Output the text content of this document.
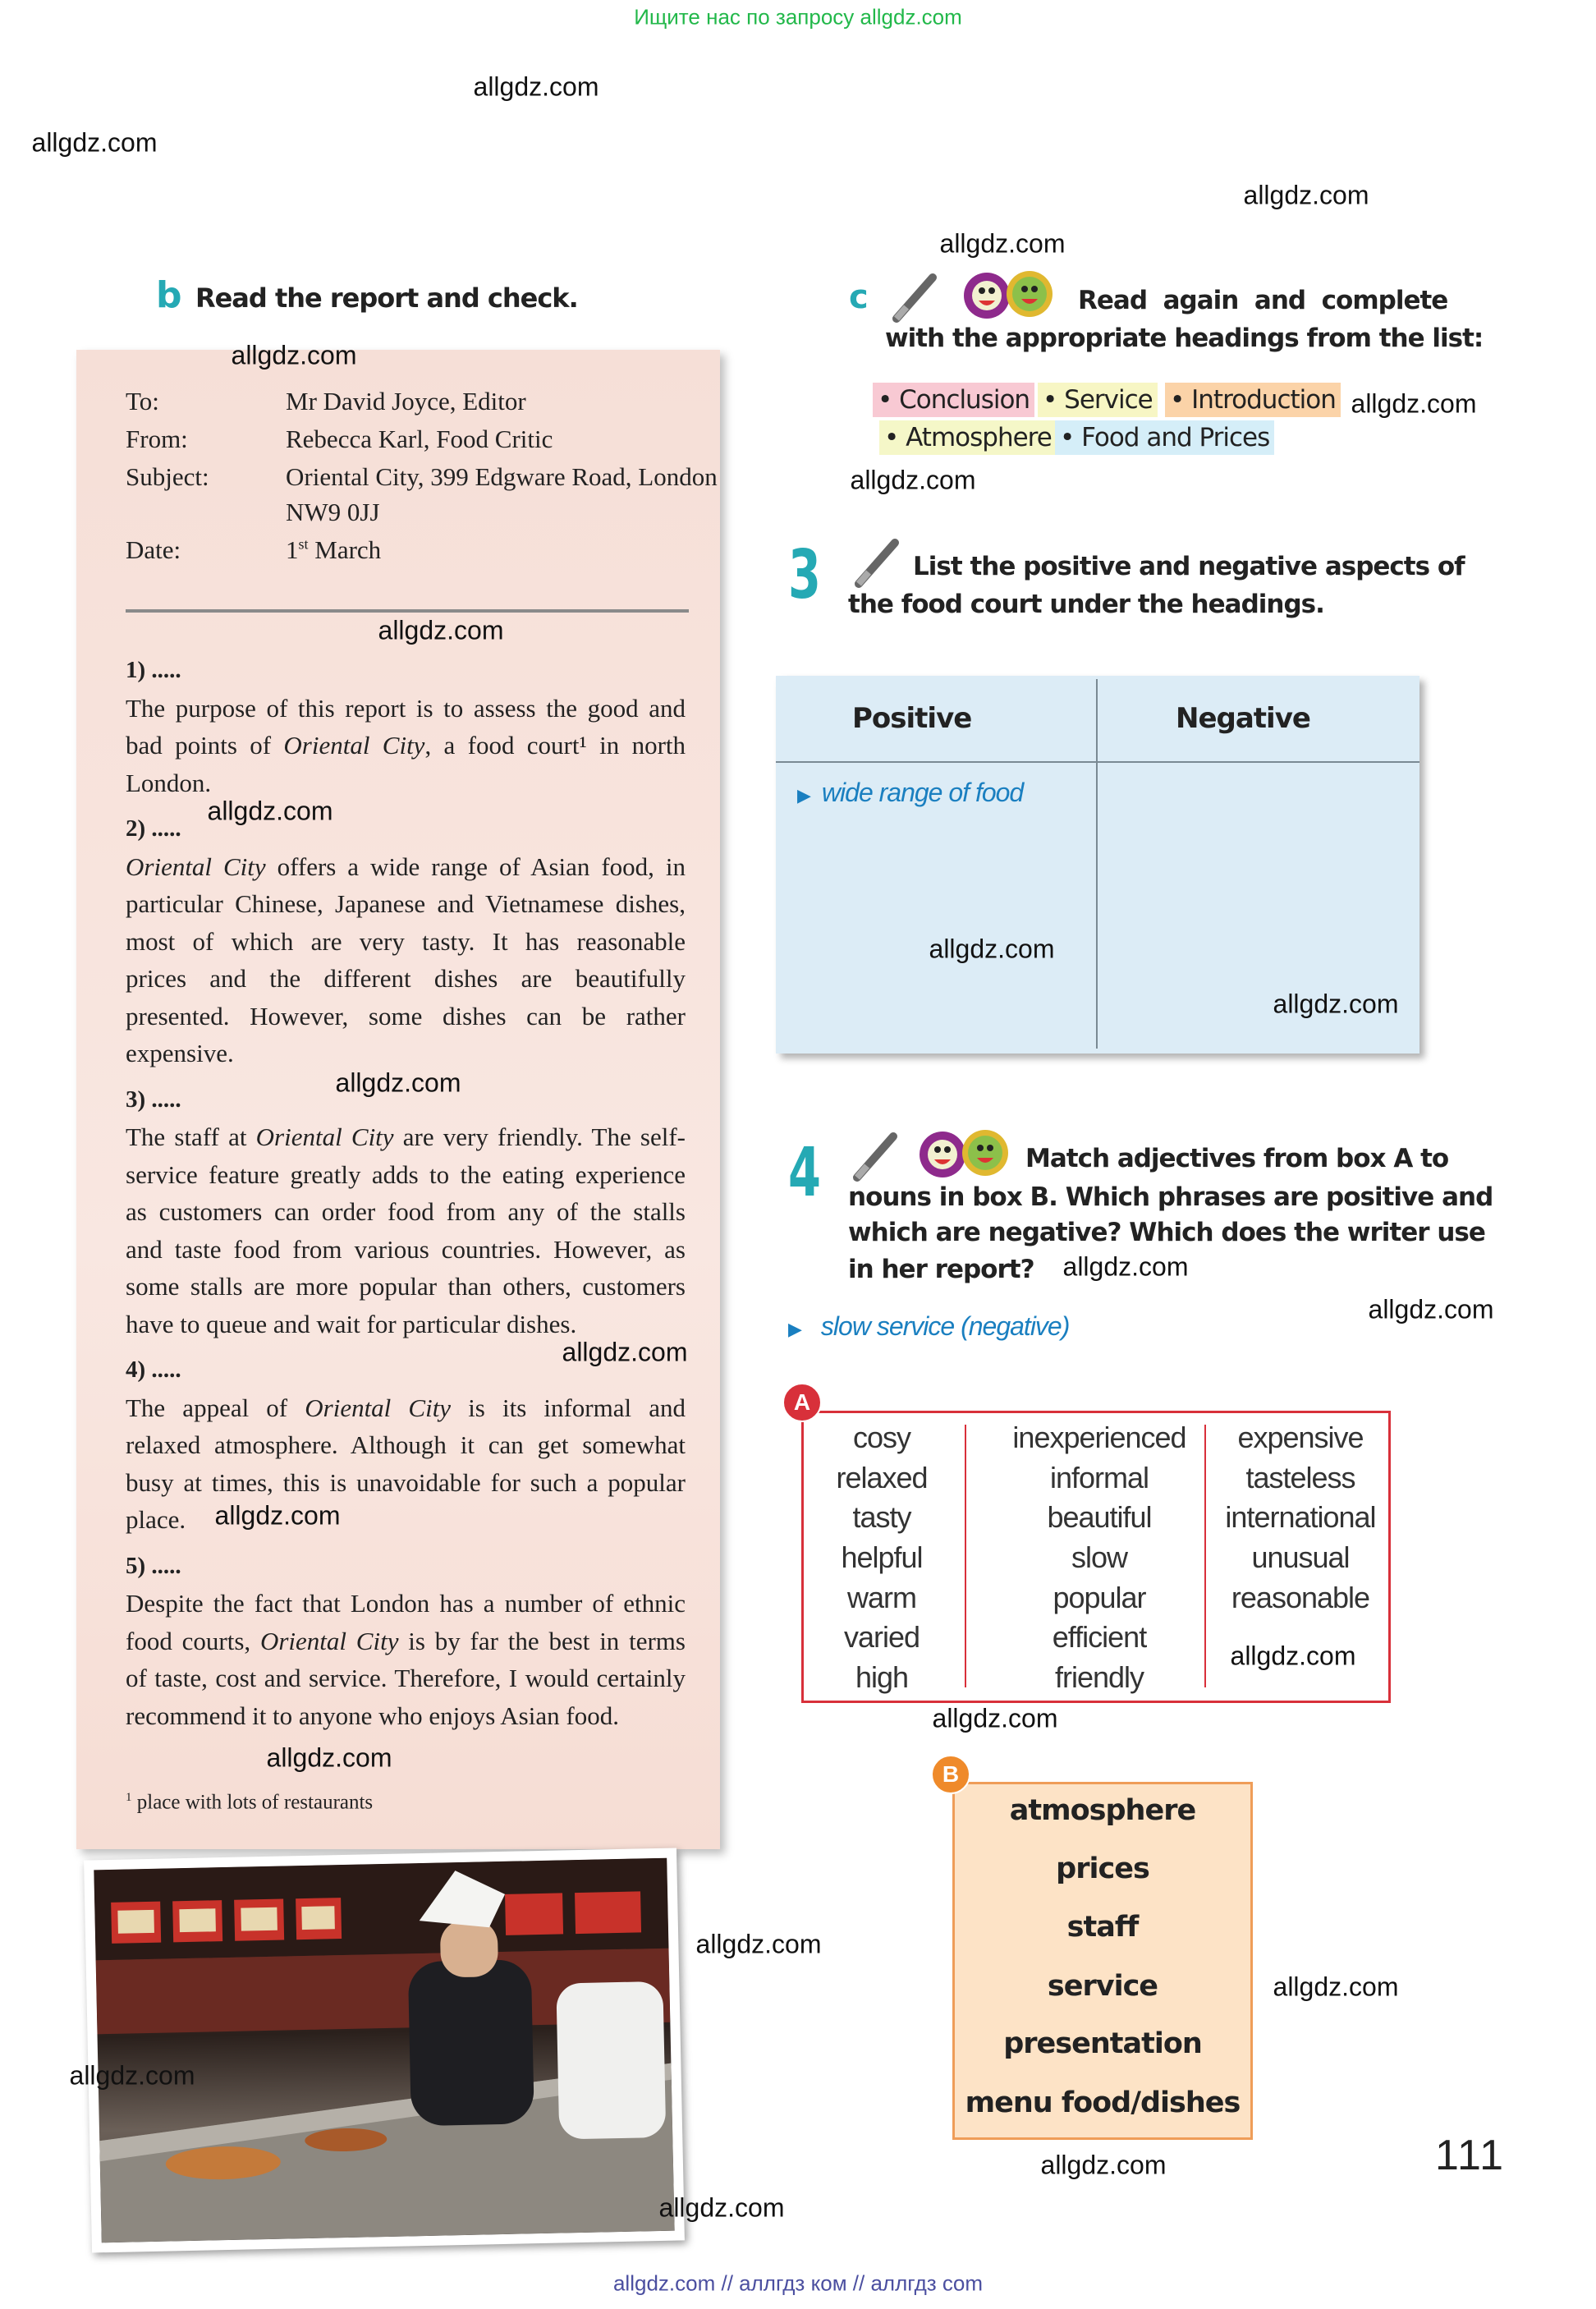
Ищите нас по запросу allgdz.com
allgdz.com
allgdz.com
allgdz.com
allgdz.com
allgdz.com
allgdz.com
allgdz.com
allgdz.com
allgdz.com
allgdz.com
allgdz.com
allgdz.com
allgdz.com
allgdz.com
allgdz.com
allgdz.com
allgdz.com
allgdz.com
allgdz.com
allgdz.com
allgdz.com
allgdz.com
allgdz.com
allgdz.com
b Read the report and check.
To:	Mr David Joyce, Editor
From:	Rebecca Karl, Food Critic
Subject:	Oriental City, 399 Edgware Road, London
NW9 0JJ
Date:	1st March
1) .....
The purpose of this report is to assess the good and
bad points of Oriental City, a food court¹ in north
London.
2) .....
Oriental City offers a wide range of Asian food, in
particular Chinese, Japanese and Vietnamese dishes,
most of which are very tasty. It has reasonable
prices and the different dishes are beautifully
presented. However, some dishes can be rather
expensive.
3) .....
The staff at Oriental City are very friendly. The self-
service feature greatly adds to the eating experience
as customers can order food from any of the stalls
and taste food from various countries. However, as
some stalls are more popular than others, customers
have to queue and wait for particular dishes.
4) .....
The appeal of Oriental City is its informal and
relaxed atmosphere. Although it can get somewhat
busy at times, this is unavoidable for such a popular
place.
5) .....
Despite the fact that London has a number of ethnic
food courts, Oriental City is by far the best in terms
of taste, cost and service. Therefore, I would certainly
recommend it to anyone who enjoys Asian food.
$^1$ place with lots of restaurants
c	Read  again  and  complete
with the appropriate headings from the list:
• Conclusion • Service • Introduction
• Atmosphere • Food and Prices
3	List the positive and negative aspects of
the food court under the headings.
Positive	Negative
▶ wide range of food
4	Match adjectives from box A to
nouns in box B. Which phrases are positive and
which are negative? Which does the writer use
in her report?
▶ slow service (negative)
cosy
relaxed
tasty
helpful
warm
varied
high
inexperienced
informal
beautiful
slow
popular
efficient
friendly
expensive
tasteless
international
unusual
reasonable
A
atmosphere
prices
staff
service
presentation
menu food/dishes
B
111
allgdz.com // аллгдз ком // аллгдз com
